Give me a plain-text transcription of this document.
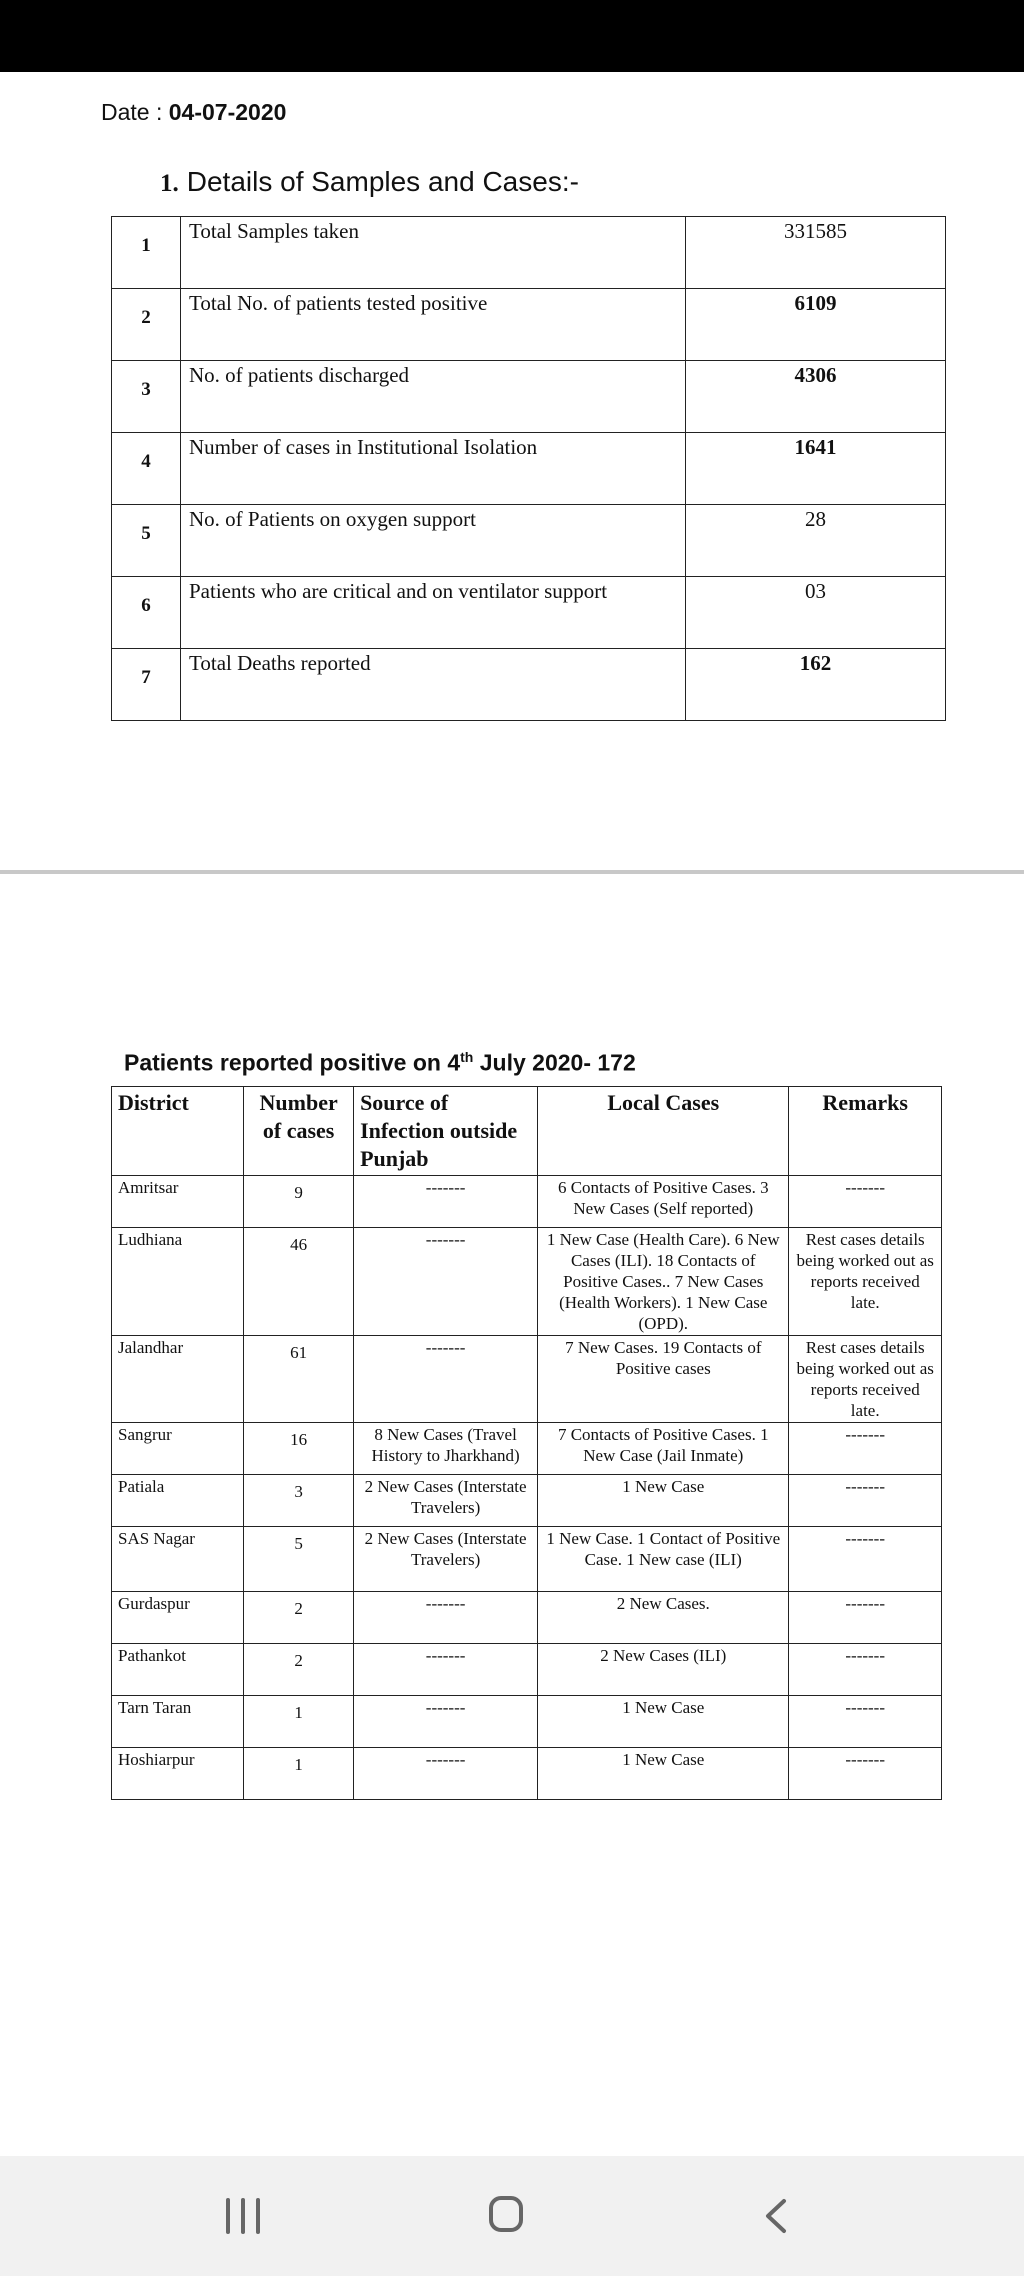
Date : 04-07-2020
1. Details of Samples and Cases:-
1	Total Samples taken	331585
2	Total No. of patients tested positive	6109
3	No. of patients discharged	4306
4	Number of cases in Institutional Isolation	1641
5	No. of Patients on oxygen support	28
6	Patients who are critical and on ventilator support	03
7	Total Deaths reported	162
Patients reported positive on 4th July 2020- 172
District	Number of cases	Source of Infection outside Punjab	Local Cases	Remarks
Amritsar	9	-------	6 Contacts of Positive Cases. 3 New Cases (Self reported)	-------
Ludhiana	46	-------	1 New Case (Health Care). 6 New Cases (ILI). 18 Contacts of Positive Cases.. 7 New Cases (Health Workers). 1 New Case (OPD).	Rest cases details being worked out as reports received late.
Jalandhar	61	-------	7 New Cases. 19 Contacts of Positive cases	Rest cases details being worked out as reports received late.
Sangrur	16	8 New Cases (Travel History to Jharkhand)	7 Contacts of Positive Cases. 1 New Case (Jail Inmate)	-------
Patiala	3	2 New Cases (Interstate Travelers)	1 New Case	-------
SAS Nagar	5	2 New Cases (Interstate Travelers)	1 New Case. 1 Contact of Positive Case. 1 New case (ILI)	-------
Gurdaspur	2	-------	2 New Cases.	-------
Pathankot	2	-------	2 New Cases (ILI)	-------
Tarn Taran	1	-------	1 New Case	-------
Hoshiarpur	1	-------	1 New Case	-------
